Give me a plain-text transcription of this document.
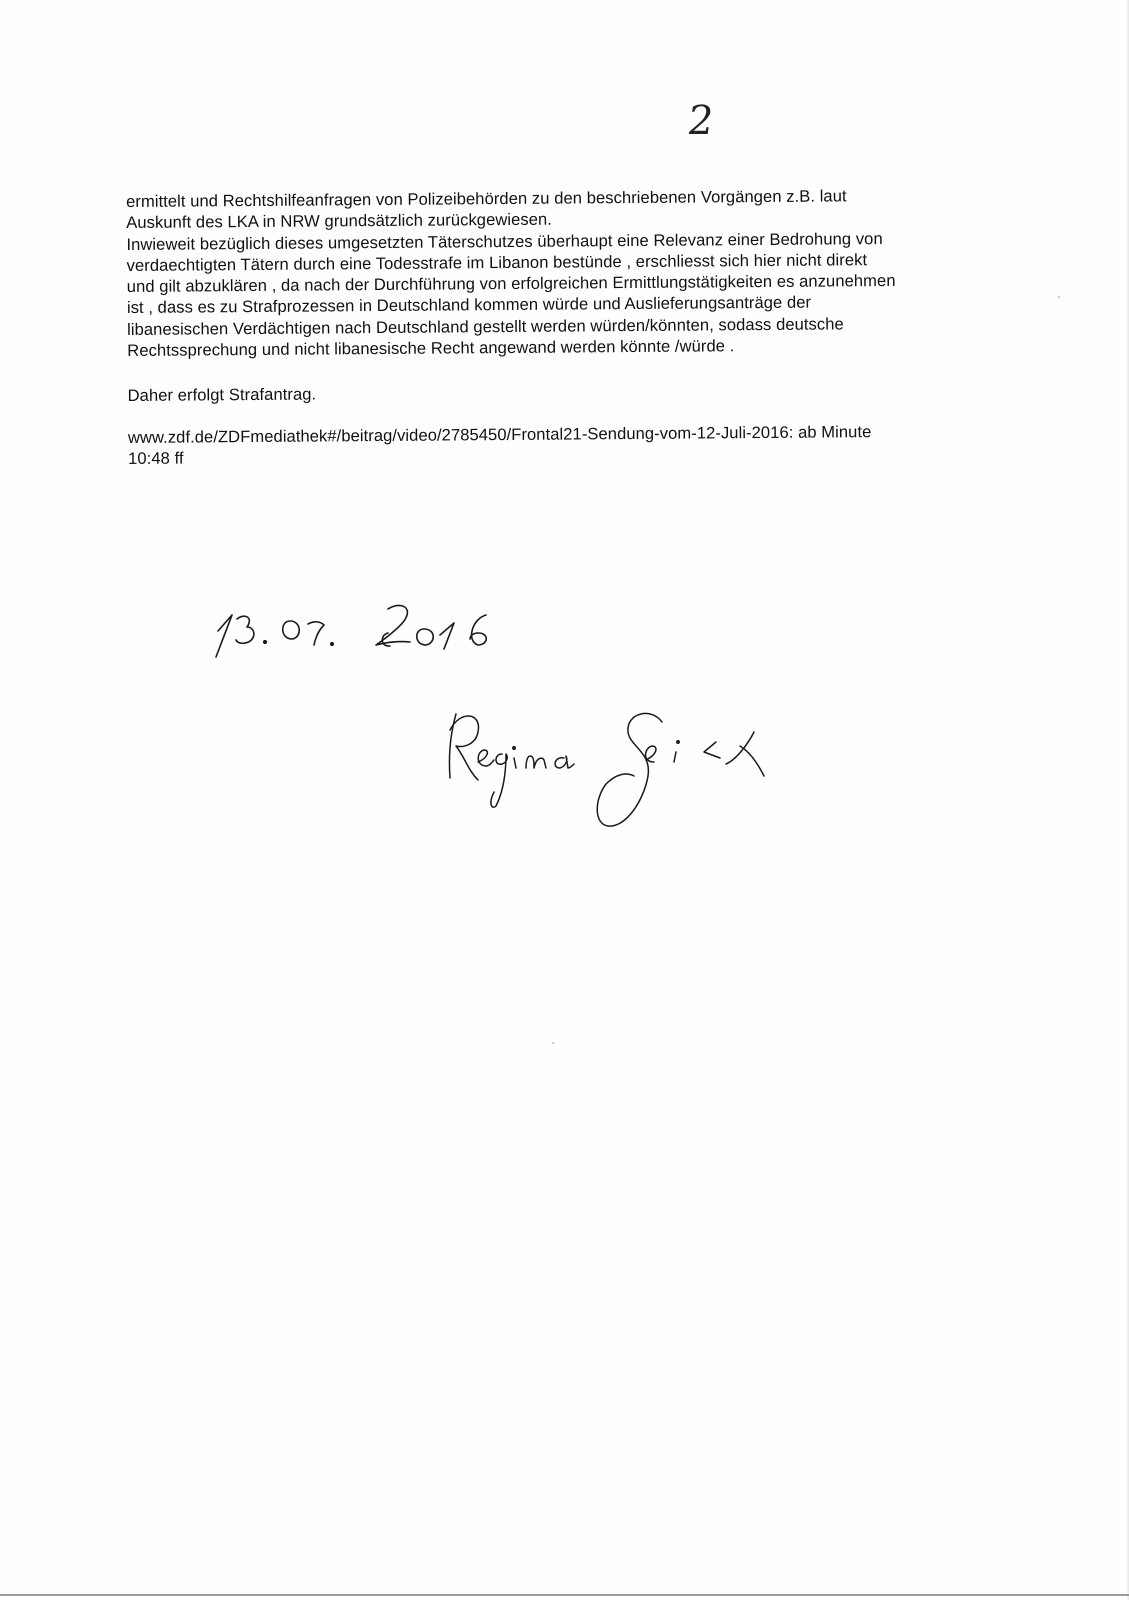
2

ermittelt und Rechtshilfeanfragen von Polizeibehörden zu den beschriebenen Vorgängen z.B. laut

Auskunft des LKA in NRW grundsätzlich zurückgewiesen.

Inwieweit bezüglich dieses umgesetzten Täterschutzes überhaupt eine Relevanz einer Bedrohung von

verdaechtigten Tätern durch eine Todesstrafe im Libanon bestünde , erschliesst sich hier nicht direkt

und gilt abzuklären , da nach der Durchführung von erfolgreichen Ermittlungstätigkeiten es anzunehmen

ist , dass es zu Strafprozessen in Deutschland kommen würde und Auslieferungsanträge der

libanesischen Verdächtigen nach Deutschland gestellt werden würden/könnten, sodass deutsche

Rechtssprechung und nicht libanesische Recht angewand werden könnte /würde .

Daher erfolgt Strafantrag.

www.zdf.de/ZDFmediathek#/beitrag/video/2785450/Frontal21-Sendung-vom-12-Juli-2016: ab Minute

10:48 ff
